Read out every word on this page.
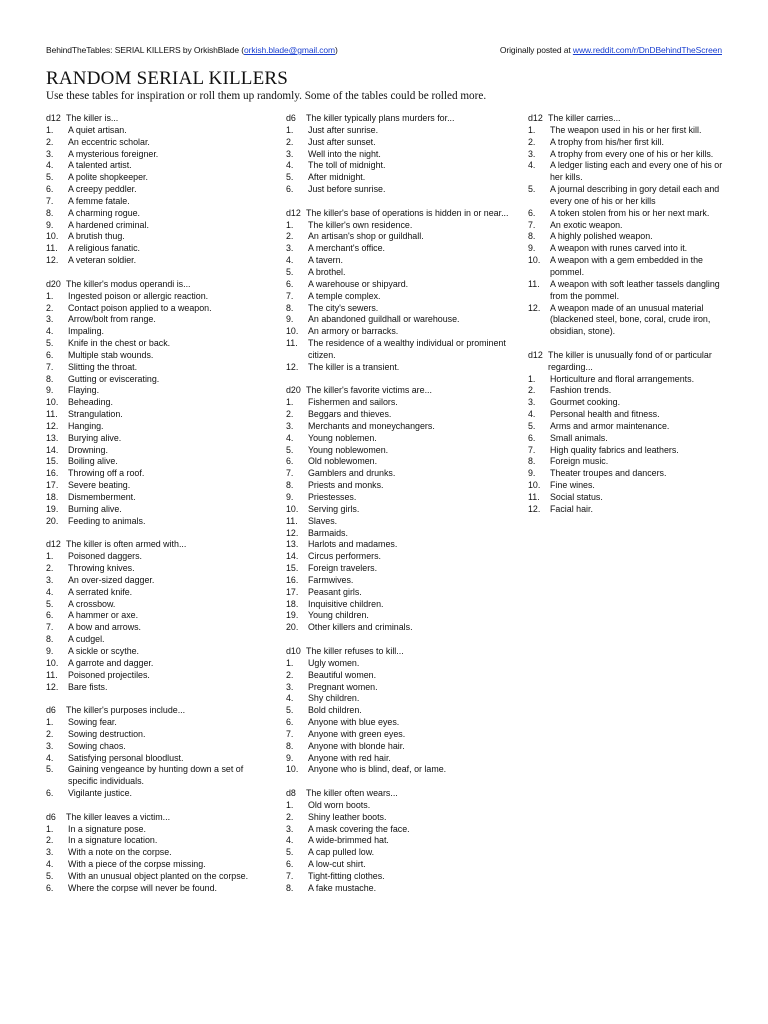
BehindTheTables: SERIAL KILLERS by OrkishBlade (orkish.blade@gmail.com)	Originally posted at www.reddit.com/r/DnDBehindTheScreen
RANDOM SERIAL KILLERS
Use these tables for inspiration or roll them up randomly. Some of the tables could be rolled more.
d12 The killer is...
1.	A quiet artisan.
2.	An eccentric scholar.
3.	A mysterious foreigner.
4.	A talented artist.
5.	A polite shopkeeper.
6.	A creepy peddler.
7.	A femme fatale.
8.	A charming rogue.
9.	A hardened criminal.
10.	A brutish thug.
11.	A religious fanatic.
12.	A veteran soldier.
d20 The killer's modus operandi is...
1.	Ingested poison or allergic reaction.
2.	Contact poison applied to a weapon.
3.	Arrow/bolt from range.
4.	Impaling.
5.	Knife in the chest or back.
6.	Multiple stab wounds.
7.	Slitting the throat.
8.	Gutting or eviscerating.
9.	Flaying.
10.	Beheading.
11.	Strangulation.
12.	Hanging.
13.	Burying alive.
14.	Drowning.
15.	Boiling alive.
16.	Throwing off a roof.
17.	Severe beating.
18.	Dismemberment.
19.	Burning alive.
20.	Feeding to animals.
d12 The killer is often armed with...
1.	Poisoned daggers.
2.	Throwing knives.
3.	An over-sized dagger.
4.	A serrated knife.
5.	A crossbow.
6.	A hammer or axe.
7.	A bow and arrows.
8.	A cudgel.
9.	A sickle or scythe.
10.	A garrote and dagger.
11.	Poisoned projectiles.
12.	Bare fists.
d6	The killer's purposes include...
1.	Sowing fear.
2.	Sowing destruction.
3.	Sowing chaos.
4.	Satisfying personal bloodlust.
5.	Gaining vengeance by hunting down a set of specific individuals.
6.	Vigilante justice.
d6	The killer leaves a victim...
1.	In a signature pose.
2.	In a signature location.
3.	With a note on the corpse.
4.	With a piece of the corpse missing.
5.	With an unusual object planted on the corpse.
6.	Where the corpse will never be found.
d6	The killer typically plans murders for...
1.	Just after sunrise.
2.	Just after sunset.
3.	Well into the night.
4.	The toll of midnight.
5.	After midnight.
6.	Just before sunrise.
d12 The killer's base of operations is hidden in or near...
1.	The killer's own residence.
2.	An artisan's shop or guildhall.
3.	A merchant's office.
4.	A tavern.
5.	A brothel.
6.	A warehouse or shipyard.
7.	A temple complex.
8.	The city's sewers.
9.	An abandoned guildhall or warehouse.
10.	An armory or barracks.
11.	The residence of a wealthy individual or prominent citizen.
12.	The killer is a transient.
d20 The killer's favorite victims are...
1.	Fishermen and sailors.
2.	Beggars and thieves.
3.	Merchants and moneychangers.
4.	Young noblemen.
5.	Young noblewomen.
6.	Old noblewomen.
7.	Gamblers and drunks.
8.	Priests and monks.
9.	Priestesses.
10.	Serving girls.
11.	Slaves.
12.	Barmaids.
13.	Harlots and madames.
14.	Circus performers.
15.	Foreign travelers.
16.	Farmwives.
17.	Peasant girls.
18.	Inquisitive children.
19.	Young children.
20.	Other killers and criminals.
d10 The killer refuses to kill...
1.	Ugly women.
2.	Beautiful women.
3.	Pregnant women.
4.	Shy children.
5.	Bold children.
6.	Anyone with blue eyes.
7.	Anyone with green eyes.
8.	Anyone with blonde hair.
9.	Anyone with red hair.
10.	Anyone who is blind, deaf, or lame.
d8	The killer often wears...
1.	Old worn boots.
2.	Shiny leather boots.
3.	A mask covering the face.
4.	A wide-brimmed hat.
5.	A cap pulled low.
6.	A low-cut shirt.
7.	Tight-fitting clothes.
8.	A fake mustache.
d12 The killer carries...
1.	The weapon used in his or her first kill.
2.	A trophy from his/her first kill.
3.	A trophy from every one of his or her kills.
4.	A ledger listing each and every one of his or her kills.
5.	A journal describing in gory detail each and every one of his or her kills
6.	A token stolen from his or her next mark.
7.	An exotic weapon.
8.	A highly polished weapon.
9.	A weapon with runes carved into it.
10.	A weapon with a gem embedded in the pommel.
11.	A weapon with soft leather tassels dangling from the pommel.
12.	A weapon made of an unusual material (blackened steel, bone, coral, crude iron, obsidian, stone).
d12 The killer is unusually fond of or particular regarding...
1.	Horticulture and floral arrangements.
2.	Fashion trends.
3.	Gourmet cooking.
4.	Personal health and fitness.
5.	Arms and armor maintenance.
6.	Small animals.
7.	High quality fabrics and leathers.
8.	Foreign music.
9.	Theater troupes and dancers.
10.	Fine wines.
11.	Social status.
12.	Facial hair.
